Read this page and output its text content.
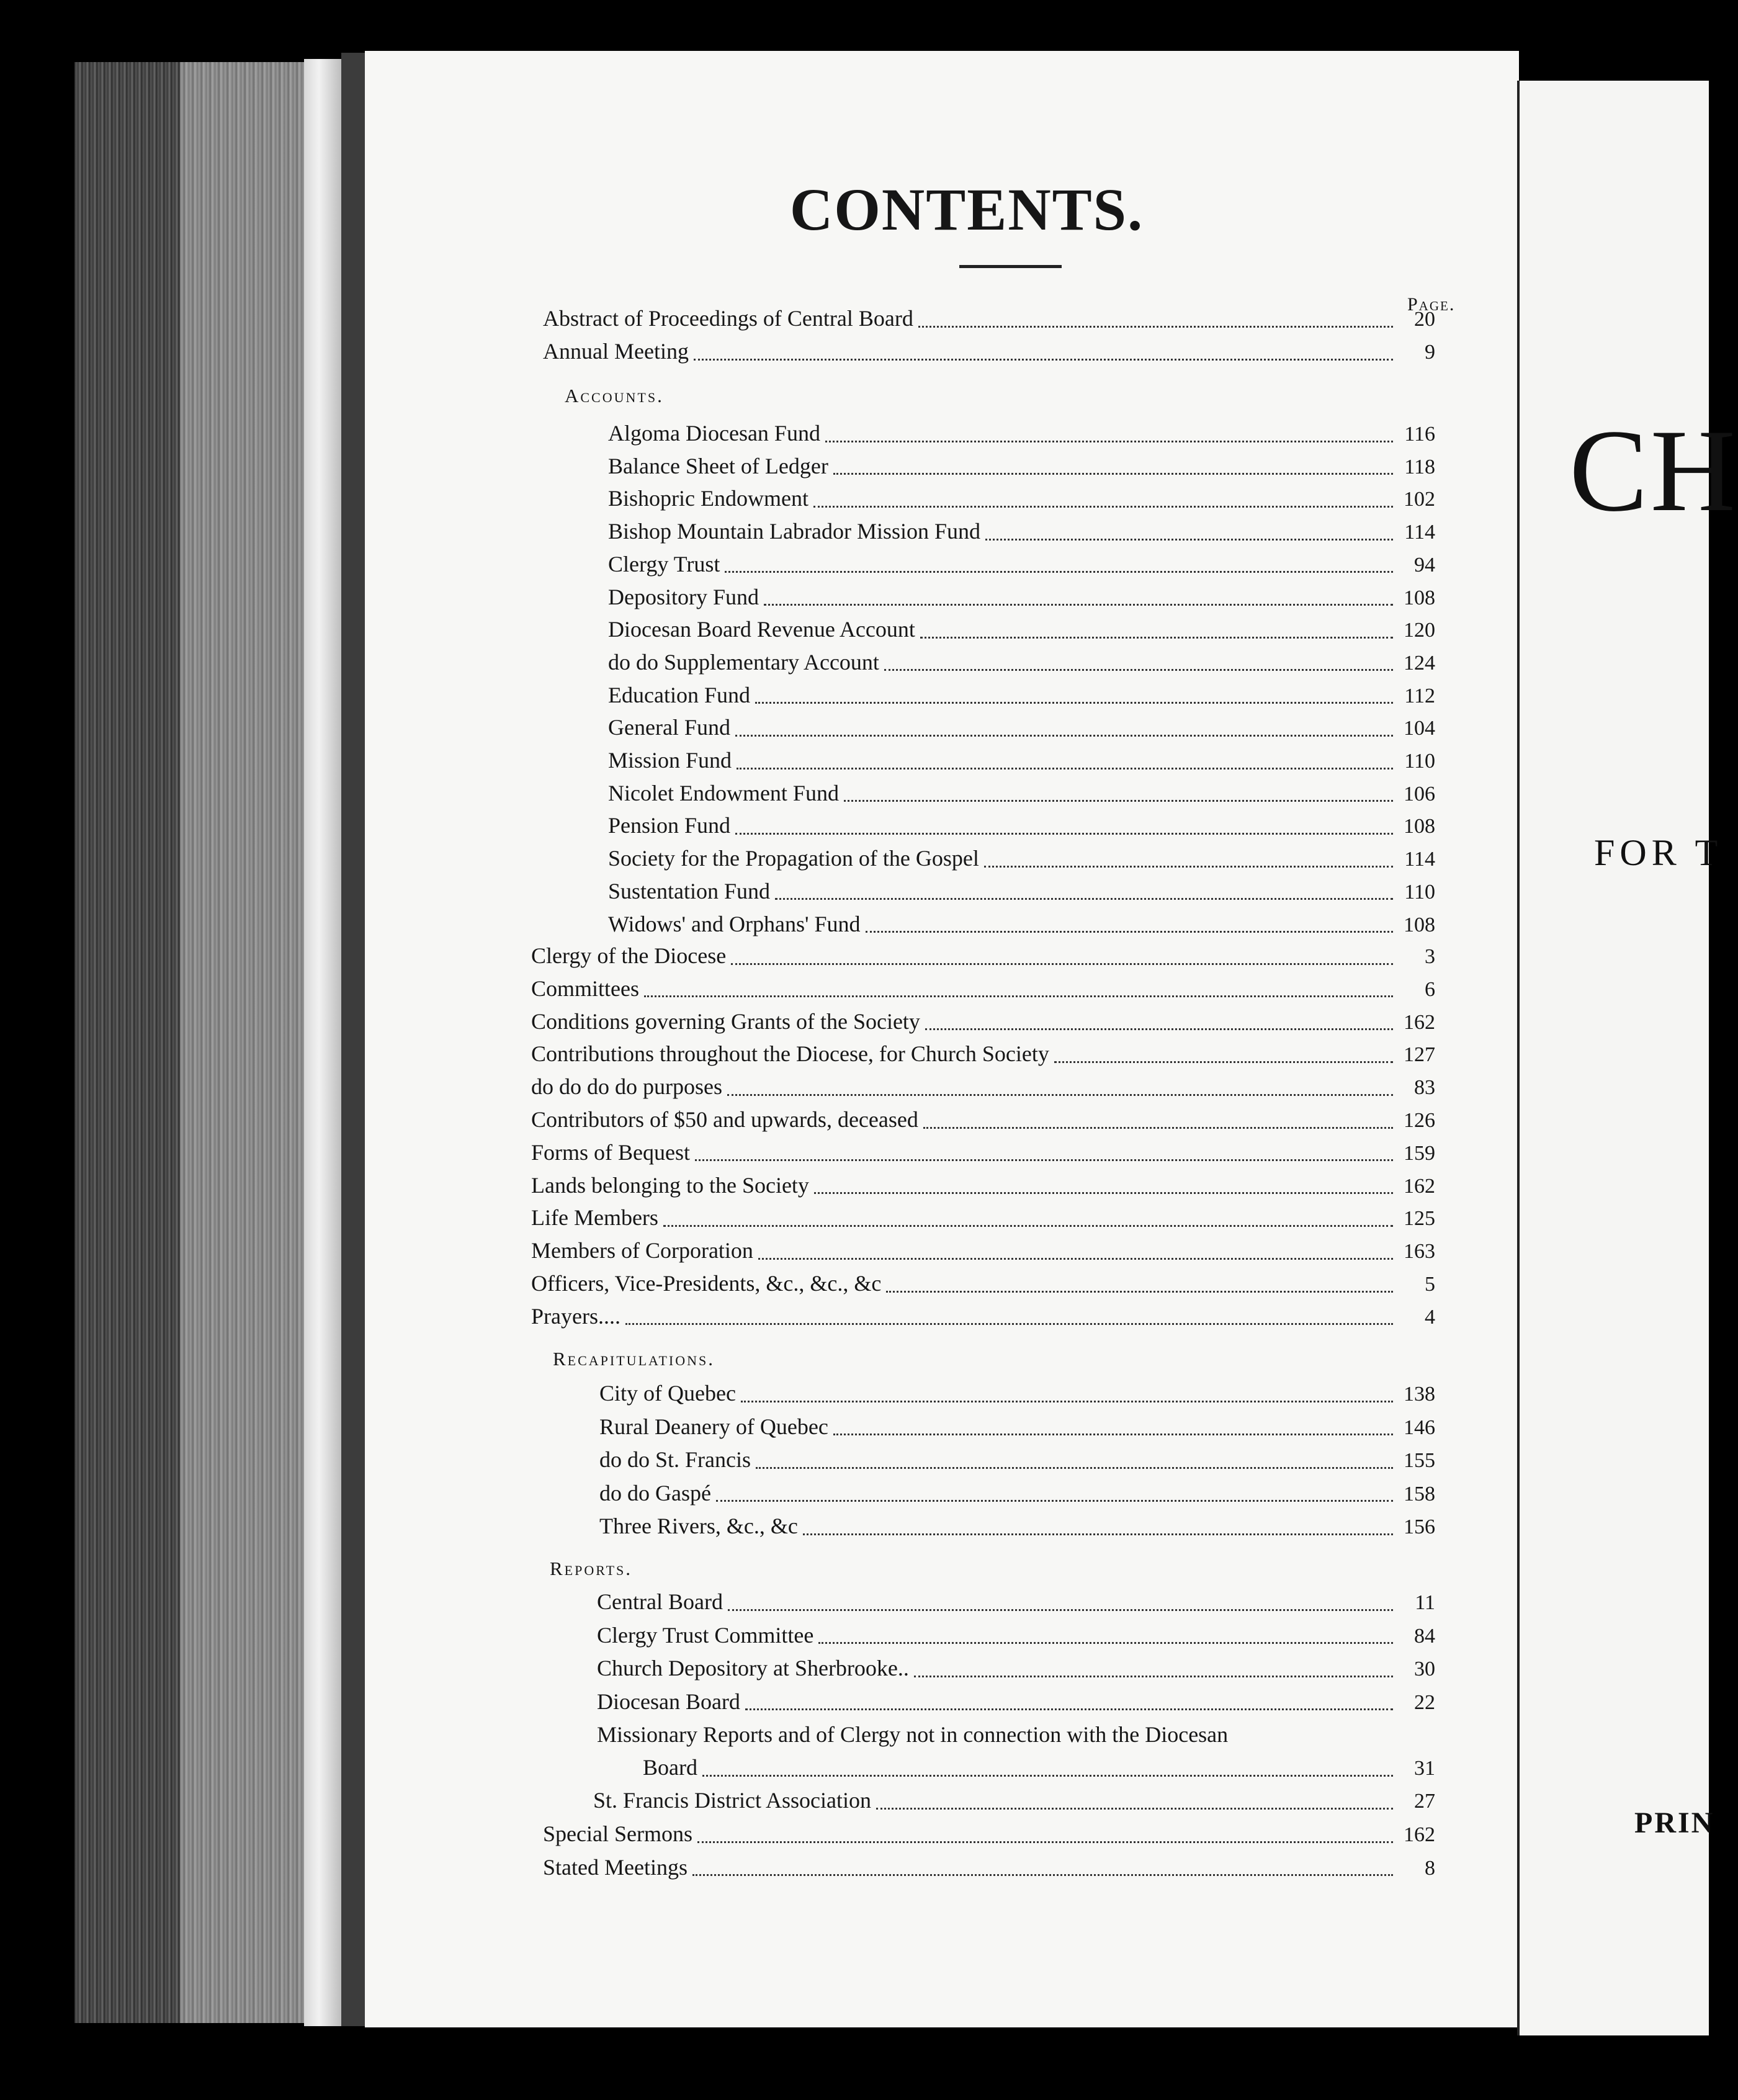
CONTENTS.
Page.
Abstract of Proceedings of Central Board	20
Annual Meeting	9
Accounts.
Algoma Diocesan Fund	116
Balance Sheet of Ledger	118
Bishopric Endowment	102
Bishop Mountain Labrador Mission Fund	114
Clergy Trust	94
Depository Fund	108
Diocesan Board Revenue Account	120
do do Supplementary Account	124
Education Fund	112
General Fund	104
Mission Fund	110
Nicolet Endowment Fund	106
Pension Fund	108
Society for the Propagation of the Gospel	114
Sustentation Fund	110
Widows' and Orphans' Fund	108
Clergy of the Diocese	3
Committees	6
Conditions governing Grants of the Society	162
Contributions throughout the Diocese, for Church Society	127
do do do do purposes	83
Contributors of $50 and upwards, deceased	126
Forms of Bequest	159
Lands belonging to the Society	162
Life Members	125
Members of Corporation	163
Officers, Vice-Presidents, &c., &c., &c	5
Prayers....	4
Recapitulations.
City of Quebec	138
Rural Deanery of Quebec	146
do do St. Francis	155
do do Gaspé	158
Three Rivers, &c., &c	156
Reports.
Central Board	11
Clergy Trust Committee	84
Church Depository at Sherbrooke..	30
Diocesan Board	22
Missionary Reports and of Clergy not in connection with the Diocesan
Board	31
St. Francis District Association	27
Special Sermons	162
Stated Meetings	8
CH
FOR T
PRIN
